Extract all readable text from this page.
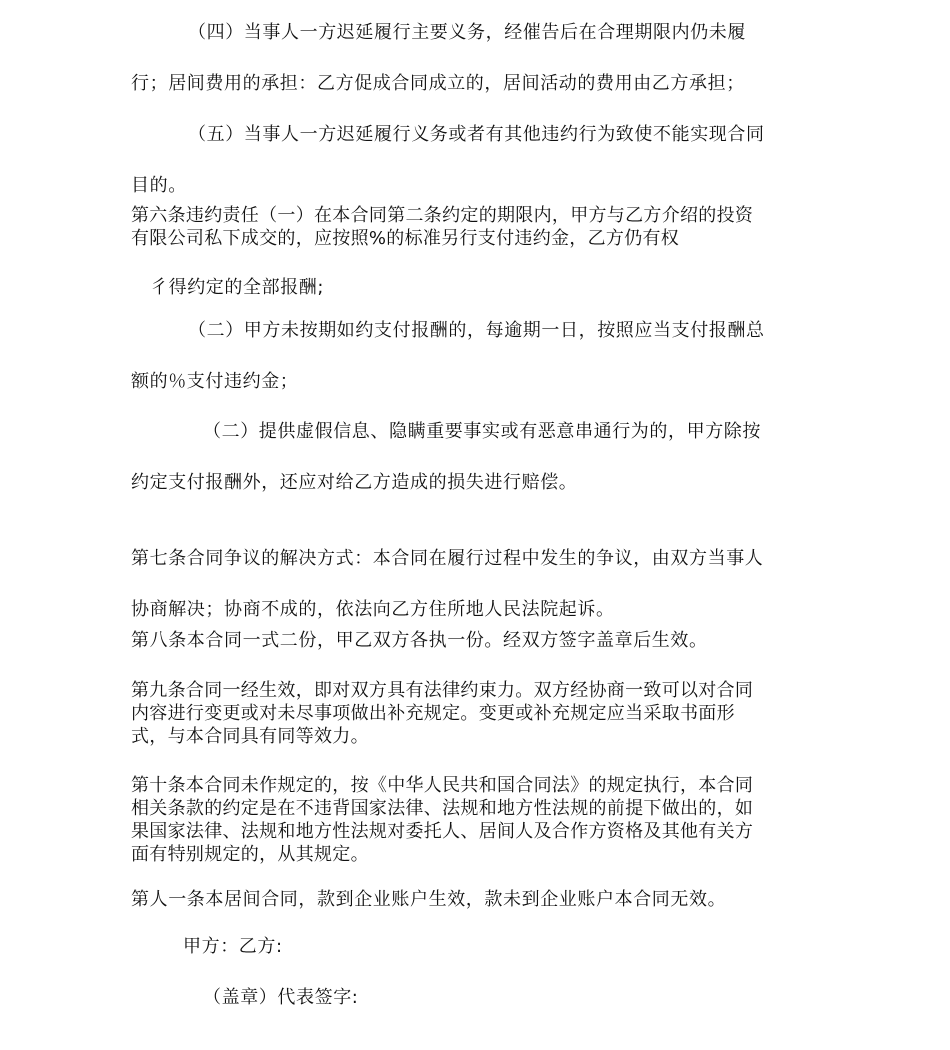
（四）当事人一方迟延履行主要义务，经催告后在合理期限内仍未履
行；居间费用的承担：乙方促成合同成立的，居间活动的费用由乙方承担；
（五）当事人一方迟延履行义务或者有其他违约行为致使不能实现合同
目的。
第六条违约责任（一）在本合同第二条约定的期限内，甲方与乙方介绍的投资
有限公司私下成交的，应按照%的标准另行支付违约金，乙方仍有权
彳得约定的全部报酬;
（二）甲方未按期如约支付报酬的，每逾期一日，按照应当支付报酬总
额的％支付违约金；
（二）提供虚假信息、隐瞒重要事实或有恶意串通行为的，甲方除按
约定支付报酬外，还应对给乙方造成的损失进行赔偿。
第七条合同争议的解决方式：本合同在履行过程中发生的争议，由双方当事人
协商解决；协商不成的，依法向乙方住所地人民法院起诉。
第八条本合同一式二份，甲乙双方各执一份。经双方签字盖章后生效。
第九条合同一经生效，即对双方具有法律约束力。双方经协商一致可以对合同
内容进行变更或对未尽事项做出补充规定。变更或补充规定应当采取书面形
式，与本合同具有同等效力。
第十条本合同未作规定的，按《中华人民共和国合同法》的规定执行，本合同
相关条款的约定是在不违背国家法律、法规和地方性法规的前提下做出的，如
果国家法律、法规和地方性法规对委托人、居间人及合作方资格及其他有关方
面有特别规定的，从其规定。
第人一条本居间合同，款到企业账户生效，款未到企业账户本合同无效。
甲方：乙方:
（盖章）代表签字:
